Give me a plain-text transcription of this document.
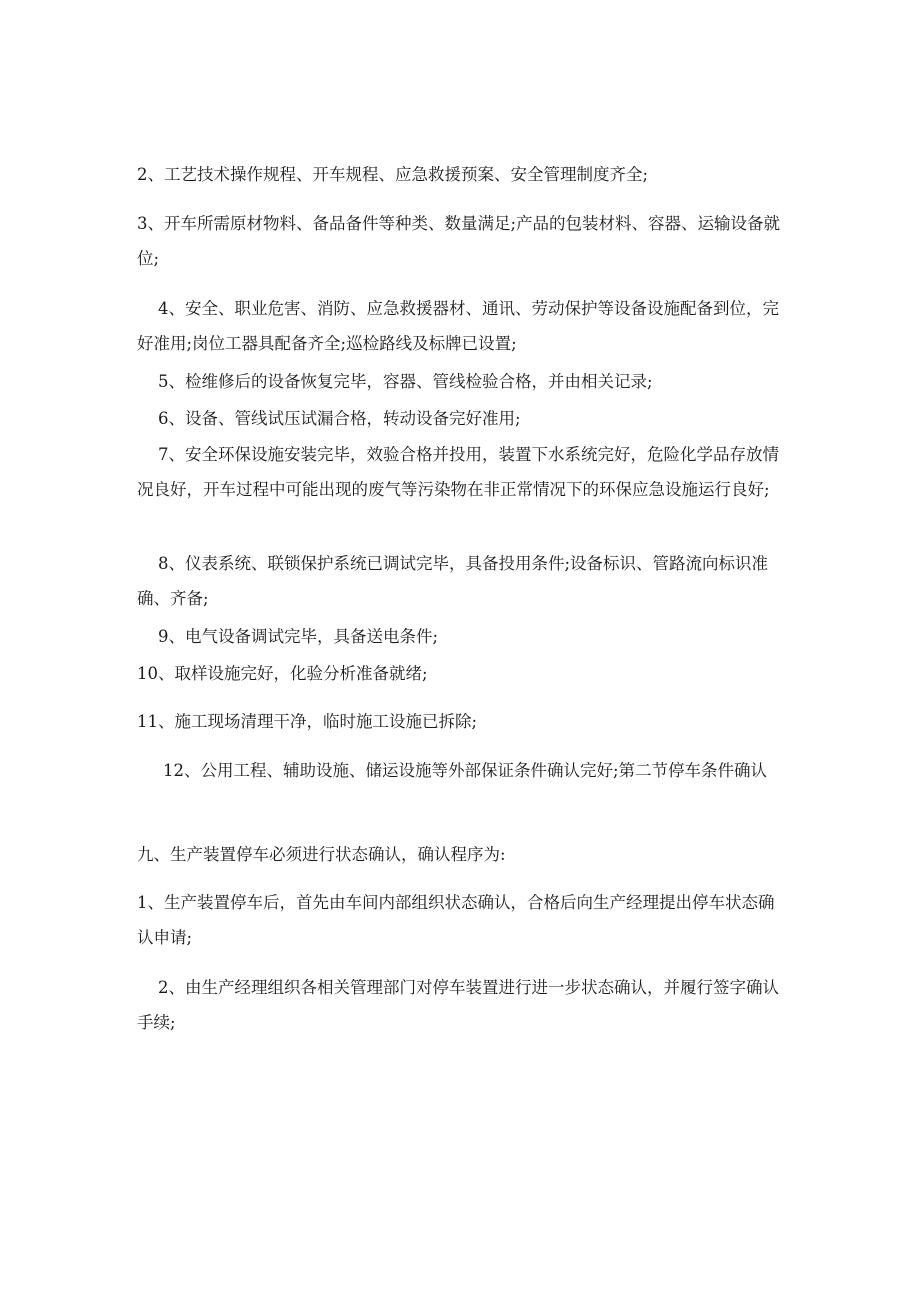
2、工艺技术操作规程、开车规程、应急救援预案、安全管理制度齐全;

3、开车所需原材物料、备品备件等种类、数量满足;产品的包装材料、容器、运输设备就位;

4、安全、职业危害、消防、应急救援器材、通讯、劳动保护等设备设施配备到位，完好准用;岗位工器具配备齐全;巡检路线及标牌已设置;

5、检维修后的设备恢复完毕，容器、管线检验合格，并由相关记录;

6、设备、管线试压试漏合格，转动设备完好准用;

7、安全环保设施安装完毕，效验合格并投用，装置下水系统完好，危险化学品存放情况良好，开车过程中可能出现的废气等污染物在非正常情况下的环保应急设施运行良好;

8、仪表系统、联锁保护系统已调试完毕，具备投用条件;设备标识、管路流向标识准确、齐备;

9、电气设备调试完毕，具备送电条件;

10、取样设施完好，化验分析准备就绪;

11、施工现场清理干净，临时施工设施已拆除;

12、公用工程、辅助设施、储运设施等外部保证条件确认完好;第二节停车条件确认

九、生产装置停车必须进行状态确认，确认程序为:

1、生产装置停车后，首先由车间内部组织状态确认，合格后向生产经理提出停车状态确认申请;

2、由生产经理组织各相关管理部门对停车装置进行进一步状态确认，并履行签字确认手续;
